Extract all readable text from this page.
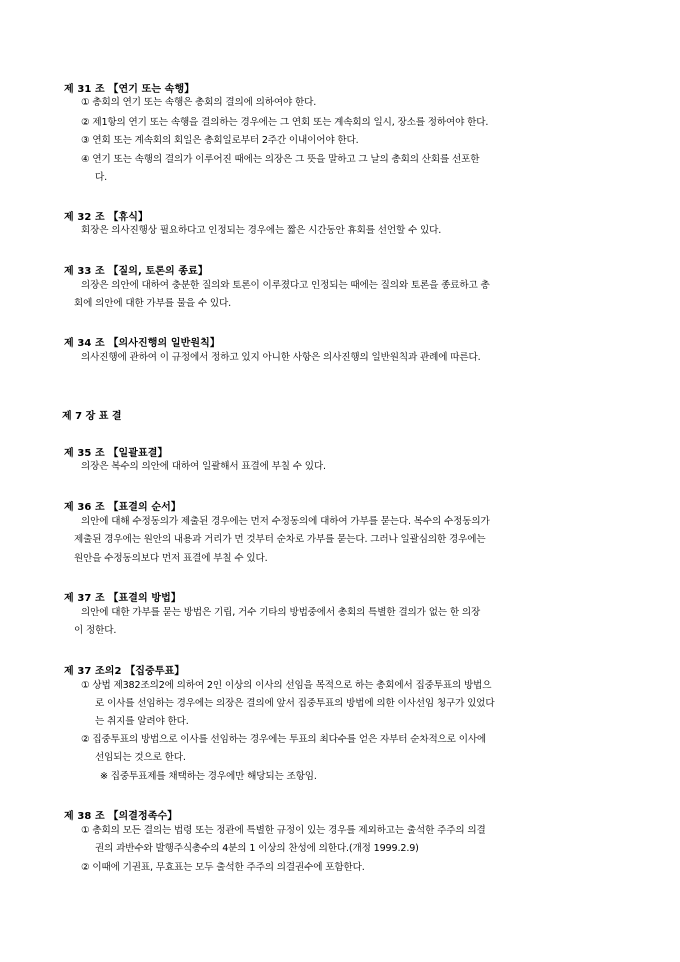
제 31 조 【연기 또는 속행】
① 총회의 연기 또는 속행은 총회의 결의에 의하여야 한다.
② 제1항의 연기 또는 속행을 결의하는 경우에는 그 연회 또는 계속회의 일시, 장소를 정하여야 한다.
③ 연회 또는 계속회의 회일은 총회일로부터 2주간 이내이어야 한다.
④ 연기 또는 속행의 결의가 이루어진 때에는 의장은 그 뜻을 말하고 그 날의 총회의 산회를 선포한
다.
제 32 조 【휴식】
회장은 의사진행상 필요하다고 인정되는 경우에는 짧은 시간동안 휴회를 선언할 수 있다.
제 33 조 【질의, 토론의 종료】
의장은 의안에 대하여 충분한 질의와 토론이 이루졌다고 인정되는 때에는 질의와 토론을 종료하고 총
회에 의안에 대한 가부를 물을 수 있다.
제 34 조 【의사진행의 일반원칙】
의사진행에 관하여 이 규정에서 정하고 있지 아니한 사항은 의사진행의 일반원칙과 관례에 따른다.
제 7 장 표 결
제 35 조 【일괄표결】
의장은 복수의 의안에 대하여 일괄해서 표결에 부칠 수 있다.
제 36 조 【표결의 순서】
의안에 대해 수정동의가 제출된 경우에는 먼저 수정동의에 대하여 가부를 묻는다. 복수의 수정동의가
제출된 경우에는 원안의 내용과 거리가 먼 것부터 순차로 가부를 묻는다. 그러나 일괄심의한 경우에는
원안을 수정동의보다 먼저 표결에 부칠 수 있다.
제 37 조 【표결의 방법】
의안에 대한 가부를 묻는 방법은 기립, 거수 기타의 방법중에서 총회의 특별한 결의가 없는 한 의장
이 정한다.
제 37 조의2 【집중투표】
① 상법 제382조의2에 의하여 2인 이상의 이사의 선임을 목적으로 하는 총회에서 집중투표의 방법으
로 이사를 선임하는 경우에는 의장은 결의에 앞서 집중투표의 방법에 의한 이사선임 청구가 있었다
는 취지를 알려야 한다.
② 집중투표의 방법으로 이사를 선임하는 경우에는 투표의 최다수를 얻은 자부터 순차적으로 이사에
선임되는 것으로 한다.
※ 집중투표제를 채택하는 경우에만 해당되는 조항임.
제 38 조 【의결정족수】
① 총회의 모든 결의는 법령 또는 정관에 특별한 규정이 있는 경우를 제외하고는 출석한 주주의 의결
권의 과반수와 발행주식총수의 4분의 1 이상의 찬성에 의한다.(개정 1999.2.9)
② 이때에 기권표, 무효표는 모두 출석한 주주의 의결권수에 포함한다.
